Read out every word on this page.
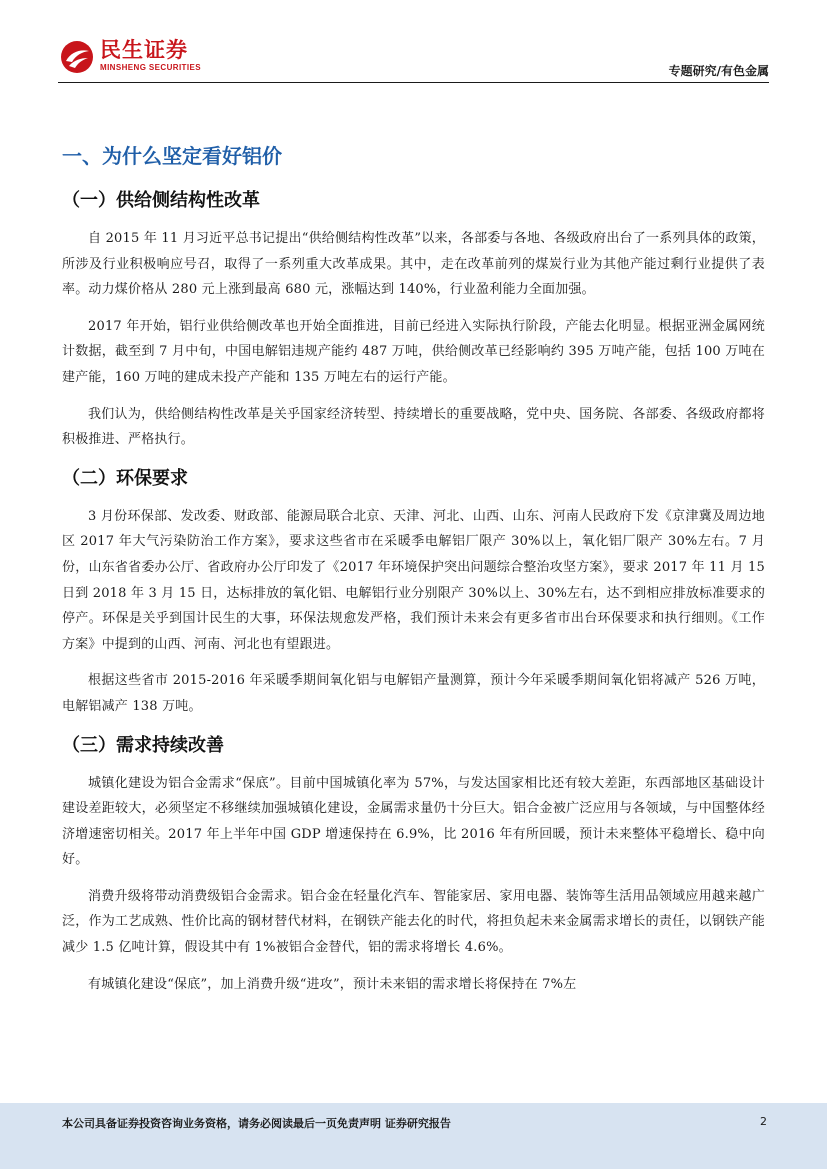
民生证券
MINSHENG SECURITIES	专题研究/有色金属
一、为什么坚定看好铝价
（一）供给侧结构性改革

自 2015 年 11 月习近平总书记提出“供给侧结构性改革”以来，各部委与各地、各级政府出台了一系列具体的政策，所涉及行业积极响应号召，取得了一系列重大改革成果。其中，走在改革前列的煤炭行业为其他产能过剩行业提供了表率。动力煤价格从 280 元上涨到最高 680 元，涨幅达到 140%，行业盈利能力全面加强。

2017 年开始，铝行业供给侧改革也开始全面推进，目前已经进入实际执行阶段，产能去化明显。根据亚洲金属网统计数据，截至到 7 月中旬，中国电解铝违规产能约 487 万吨，供给侧改革已经影响约 395 万吨产能，包括 100 万吨在建产能，160 万吨的建成未投产产能和 135 万吨左右的运行产能。

我们认为，供给侧结构性改革是关乎国家经济转型、持续增长的重要战略，党中央、国务院、各部委、各级政府都将积极推进、严格执行。

（二）环保要求

3 月份环保部、发改委、财政部、能源局联合北京、天津、河北、山西、山东、河南人民政府下发《京津冀及周边地区 2017 年大气污染防治工作方案》，要求这些省市在采暖季电解铝厂限产 30%以上，氧化铝厂限产 30%左右。7 月份，山东省省委办公厅、省政府办公厅印发了《2017 年环境保护突出问题综合整治攻坚方案》，要求 2017 年 11 月 15 日到 2018 年 3 月 15 日，达标排放的氧化铝、电解铝行业分别限产 30%以上、30%左右，达不到相应排放标准要求的停产。环保是关乎到国计民生的大事，环保法规愈发严格，我们预计未来会有更多省市出台环保要求和执行细则。《工作方案》中提到的山西、河南、河北也有望跟进。

根据这些省市 2015-2016 年采暖季期间氧化铝与电解铝产量测算，预计今年采暖季期间氧化铝将减产 526 万吨，电解铝减产 138 万吨。

（三）需求持续改善

城镇化建设为铝合金需求“保底”。目前中国城镇化率为 57%，与发达国家相比还有较大差距，东西部地区基础设计建设差距较大，必须坚定不移继续加强城镇化建设，金属需求量仍十分巨大。铝合金被广泛应用与各领域，与中国整体经济增速密切相关。2017 年上半年中国 GDP 增速保持在 6.9%，比 2016 年有所回暖，预计未来整体平稳增长、稳中向好。

消费升级将带动消费级铝合金需求。铝合金在轻量化汽车、智能家居、家用电器、装饰等生活用品领域应用越来越广泛，作为工艺成熟、性价比高的钢材替代材料，在钢铁产能去化的时代，将担负起未来金属需求增长的责任，以钢铁产能减少 1.5 亿吨计算，假设其中有 1%被铝合金替代，铝的需求将增长 4.6%。

有城镇化建设“保底”，加上消费升级“进攻”，预计未来铝的需求增长将保持在 7%左

本公司具备证券投资咨询业务资格，请务必阅读最后一页免责声明 证券研究报告	2
